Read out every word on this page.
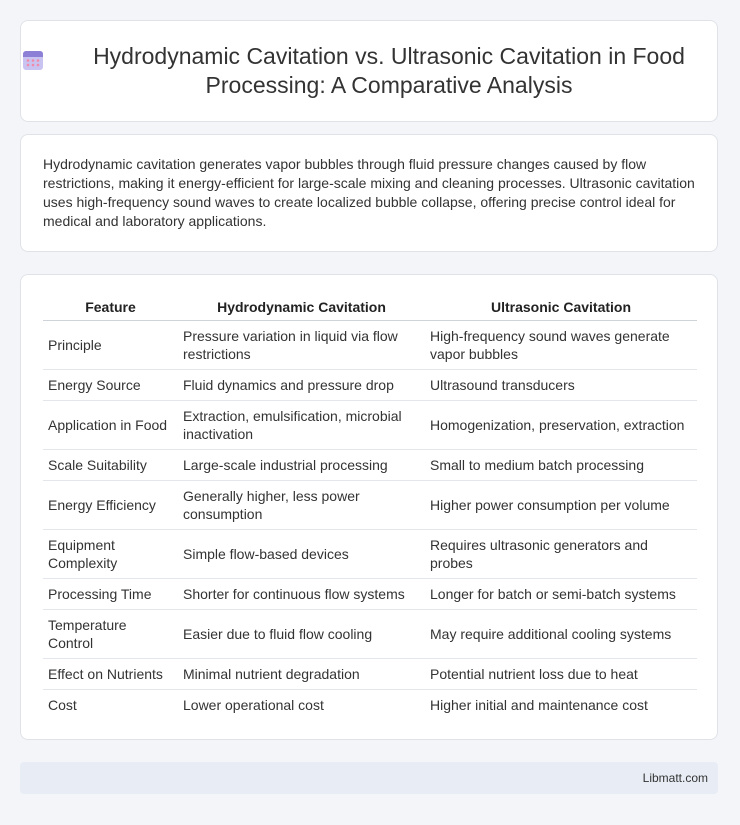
Hydrodynamic Cavitation vs. Ultrasonic Cavitation in Food Processing: A Comparative Analysis

Hydrodynamic cavitation generates vapor bubbles through fluid pressure changes caused by flow restrictions, making it energy-efficient for large-scale mixing and cleaning processes. Ultrasonic cavitation uses high-frequency sound waves to create localized bubble collapse, offering precise control ideal for medical and laboratory applications.

Feature	Hydrodynamic Cavitation	Ultrasonic Cavitation
Principle	Pressure variation in liquid via flow restrictions	High-frequency sound waves generate vapor bubbles
Energy Source	Fluid dynamics and pressure drop	Ultrasound transducers
Application in Food	Extraction, emulsification, microbial inactivation	Homogenization, preservation, extraction
Scale Suitability	Large-scale industrial processing	Small to medium batch processing
Energy Efficiency	Generally higher, less power consumption	Higher power consumption per volume
Equipment Complexity	Simple flow-based devices	Requires ultrasonic generators and probes
Processing Time	Shorter for continuous flow systems	Longer for batch or semi-batch systems
Temperature Control	Easier due to fluid flow cooling	May require additional cooling systems
Effect on Nutrients	Minimal nutrient degradation	Potential nutrient loss due to heat
Cost	Lower operational cost	Higher initial and maintenance cost
Libmatt.com
